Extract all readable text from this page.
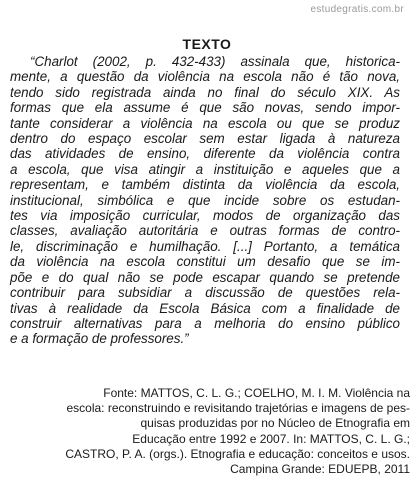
estudegratis.com.br
TEXTO

“Charlot (2002, p. 432-433) assinala que, historica-
mente, a questão da violência na escola não é tão nova,
tendo sido registrada ainda no final do século XIX. As
formas que ela assume é que são novas, sendo impor-
tante considerar a violência na escola ou que se produz
dentro do espaço escolar sem estar ligada à natureza
das atividades de ensino, diferente da violência contra
a escola, que visa atingir a instituição e aqueles que a
representam, e também distinta da violência da escola,
institucional, simbólica e que incide sobre os estudan-
tes via imposição curricular, modos de organização das
classes, avaliação autoritária e outras formas de contro-
le, discriminação e humilhação. [...] Portanto, a temática
da violência na escola constitui um desafio que se im-
põe e do qual não se pode escapar quando se pretende
contribuir para subsidiar a discussão de questões rela-
tivas à realidade da Escola Básica com a finalidade de
construir alternativas para a melhoria do ensino público
e a formação de professores.”

Fonte: MATTOS, C. L. G.; COELHO, M. I. M. Violência na
escola: reconstruindo e revisitando trajetórias e imagens de pes-
quisas produzidas por no Núcleo de Etnografia em
Educação entre 1992 e 2007. In: MATTOS, C. L. G.;
CASTRO, P. A. (orgs.). Etnografia e educação: conceitos e usos.
Campina Grande: EDUEPB, 2011
